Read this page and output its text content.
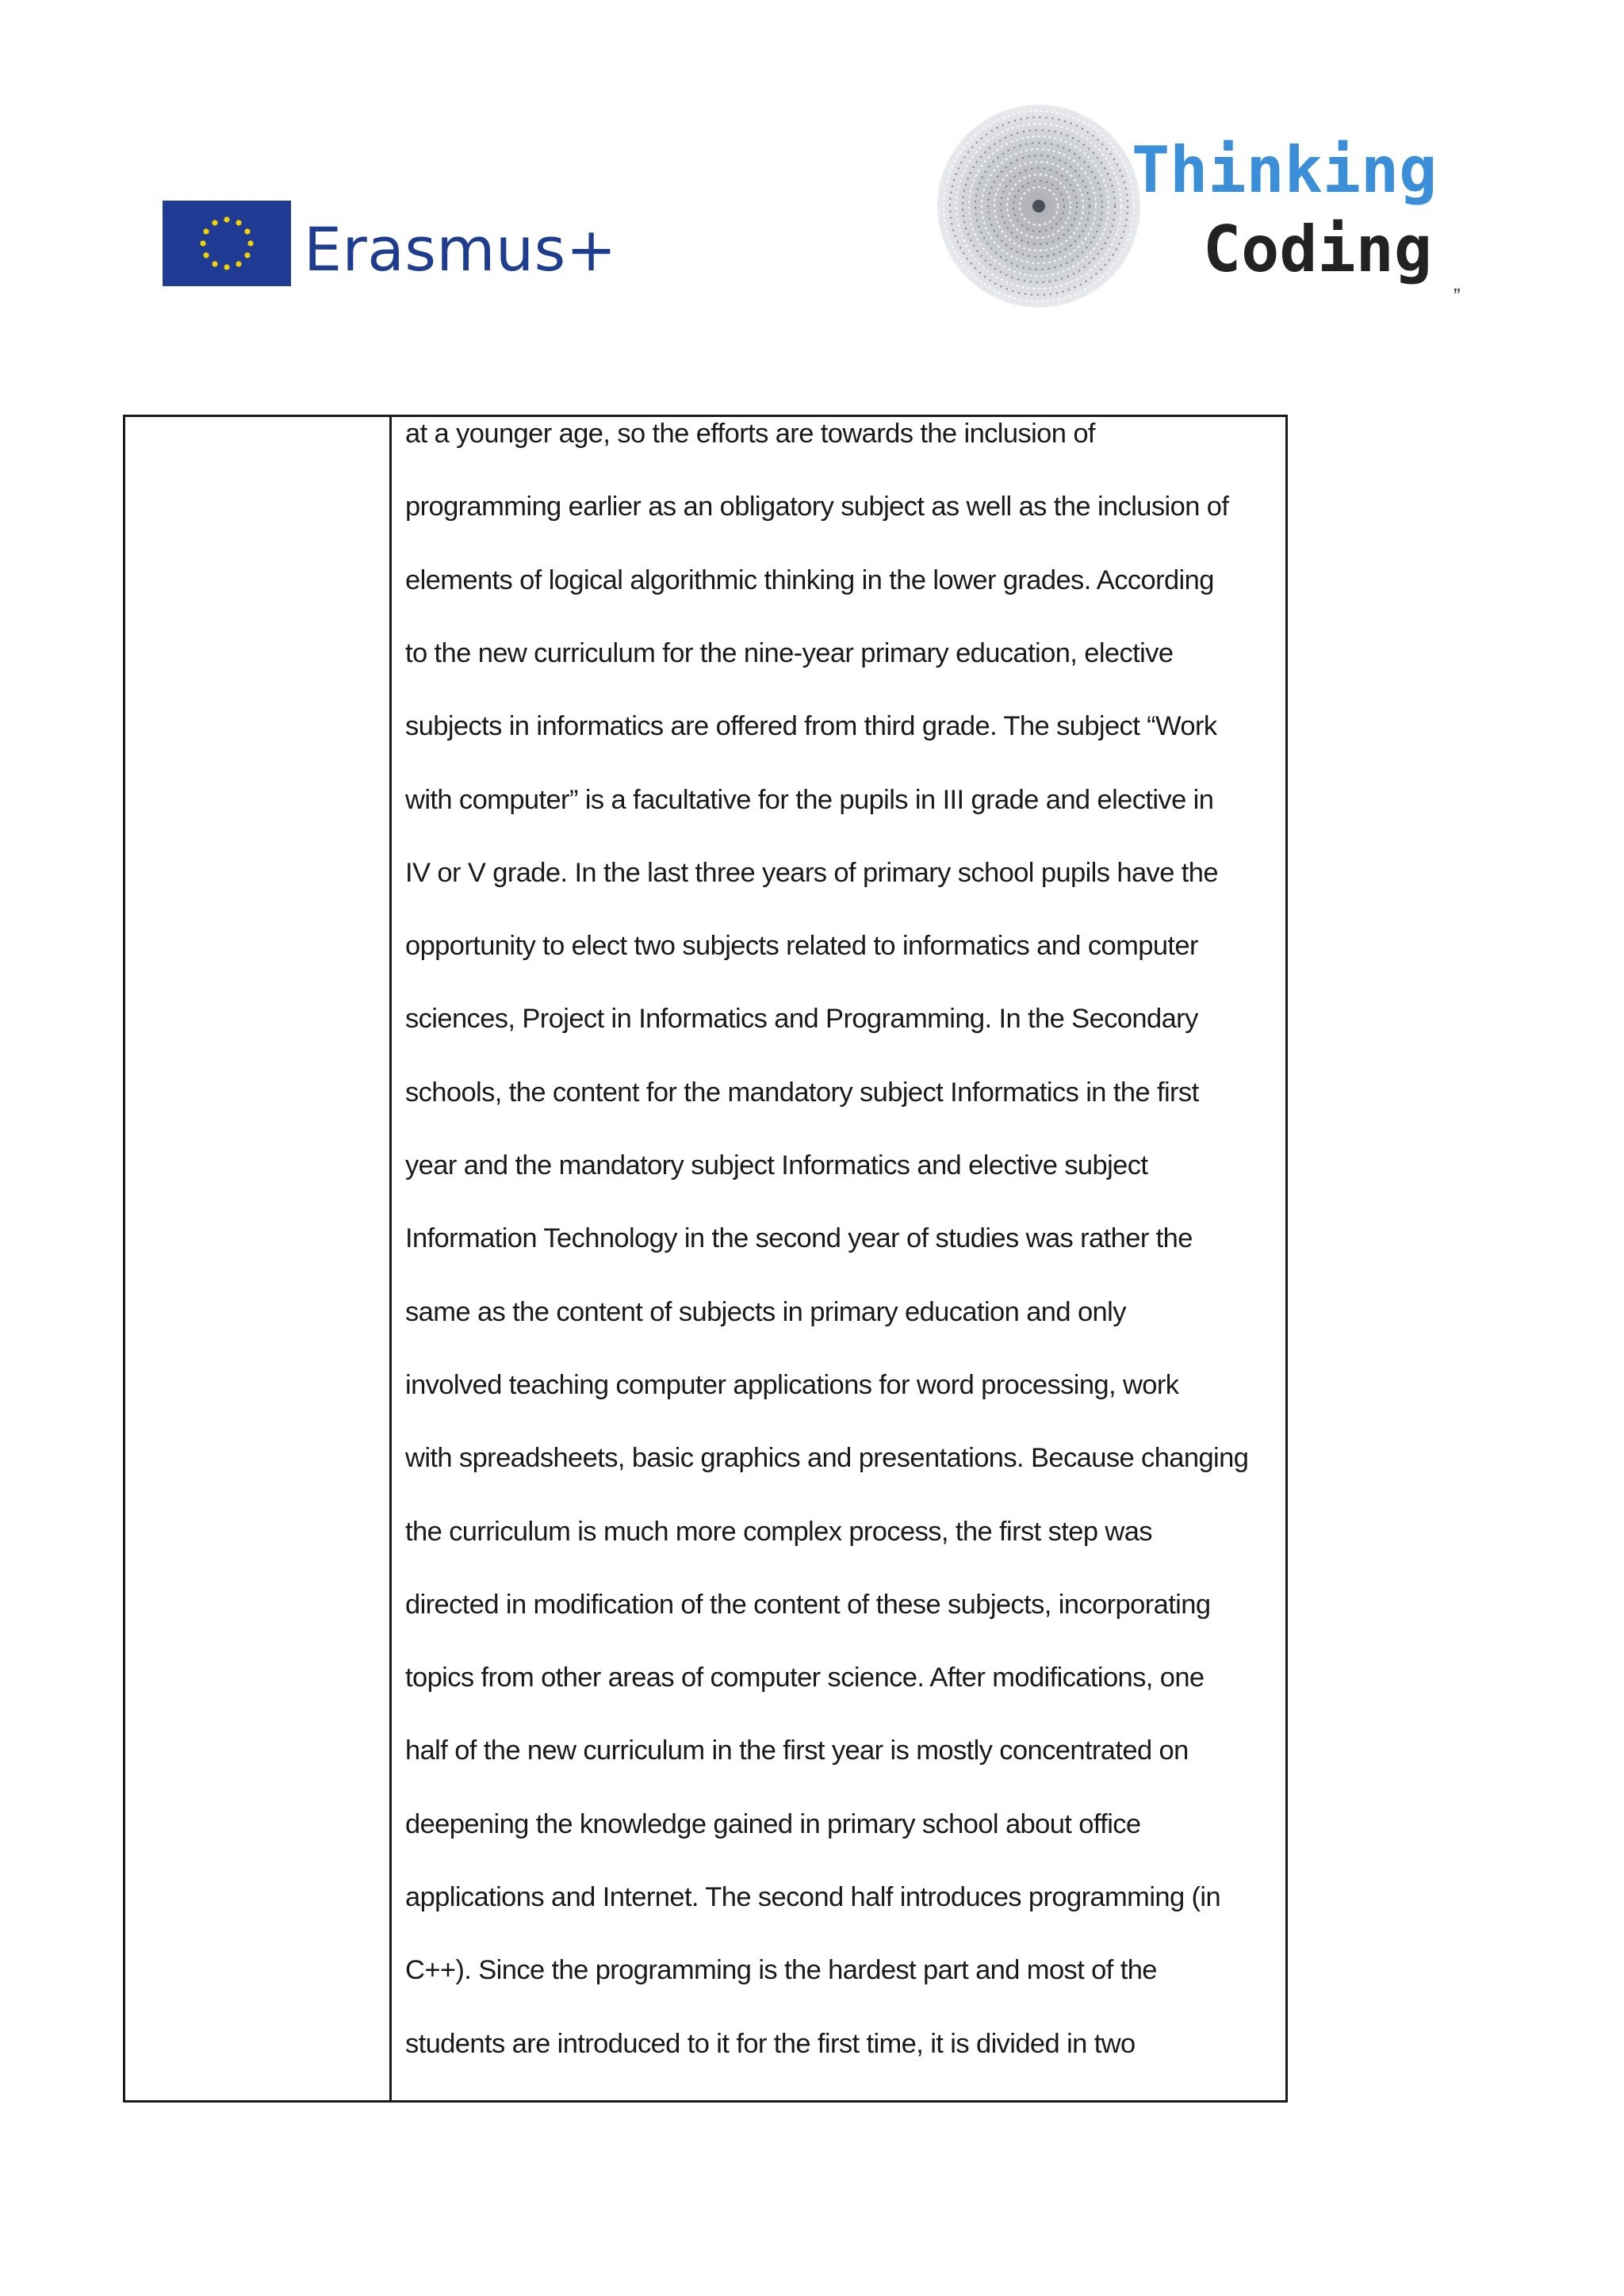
Erasmus+
Thinking
Coding
”
at a younger age, so the efforts are towards the inclusion of
programming earlier as an obligatory subject as well as the inclusion of
elements of logical algorithmic thinking in the lower grades. According
to the new curriculum for the nine-year primary education, elective
subjects in informatics are offered from third grade. The subject “Work
with computer” is a facultative for the pupils in III grade and elective in
IV or V grade. In the last three years of primary school pupils have the
opportunity to elect two subjects related to informatics and computer
sciences, Project in Informatics and Programming. In the Secondary
schools, the content for the mandatory subject Informatics in the first
year and the mandatory subject Informatics and elective subject
Information Technology in the second year of studies was rather the
same as the content of subjects in primary education and only
involved teaching computer applications for word processing, work
with spreadsheets, basic graphics and presentations. Because changing
the curriculum is much more complex process, the first step was
directed in modification of the content of these subjects, incorporating
topics from other areas of computer science. After modifications, one
half of the new curriculum in the first year is mostly concentrated on
deepening the knowledge gained in primary school about office
applications and Internet. The second half introduces programming (in
C++). Since the programming is the hardest part and most of the
students are introduced to it for the first time, it is divided in two
